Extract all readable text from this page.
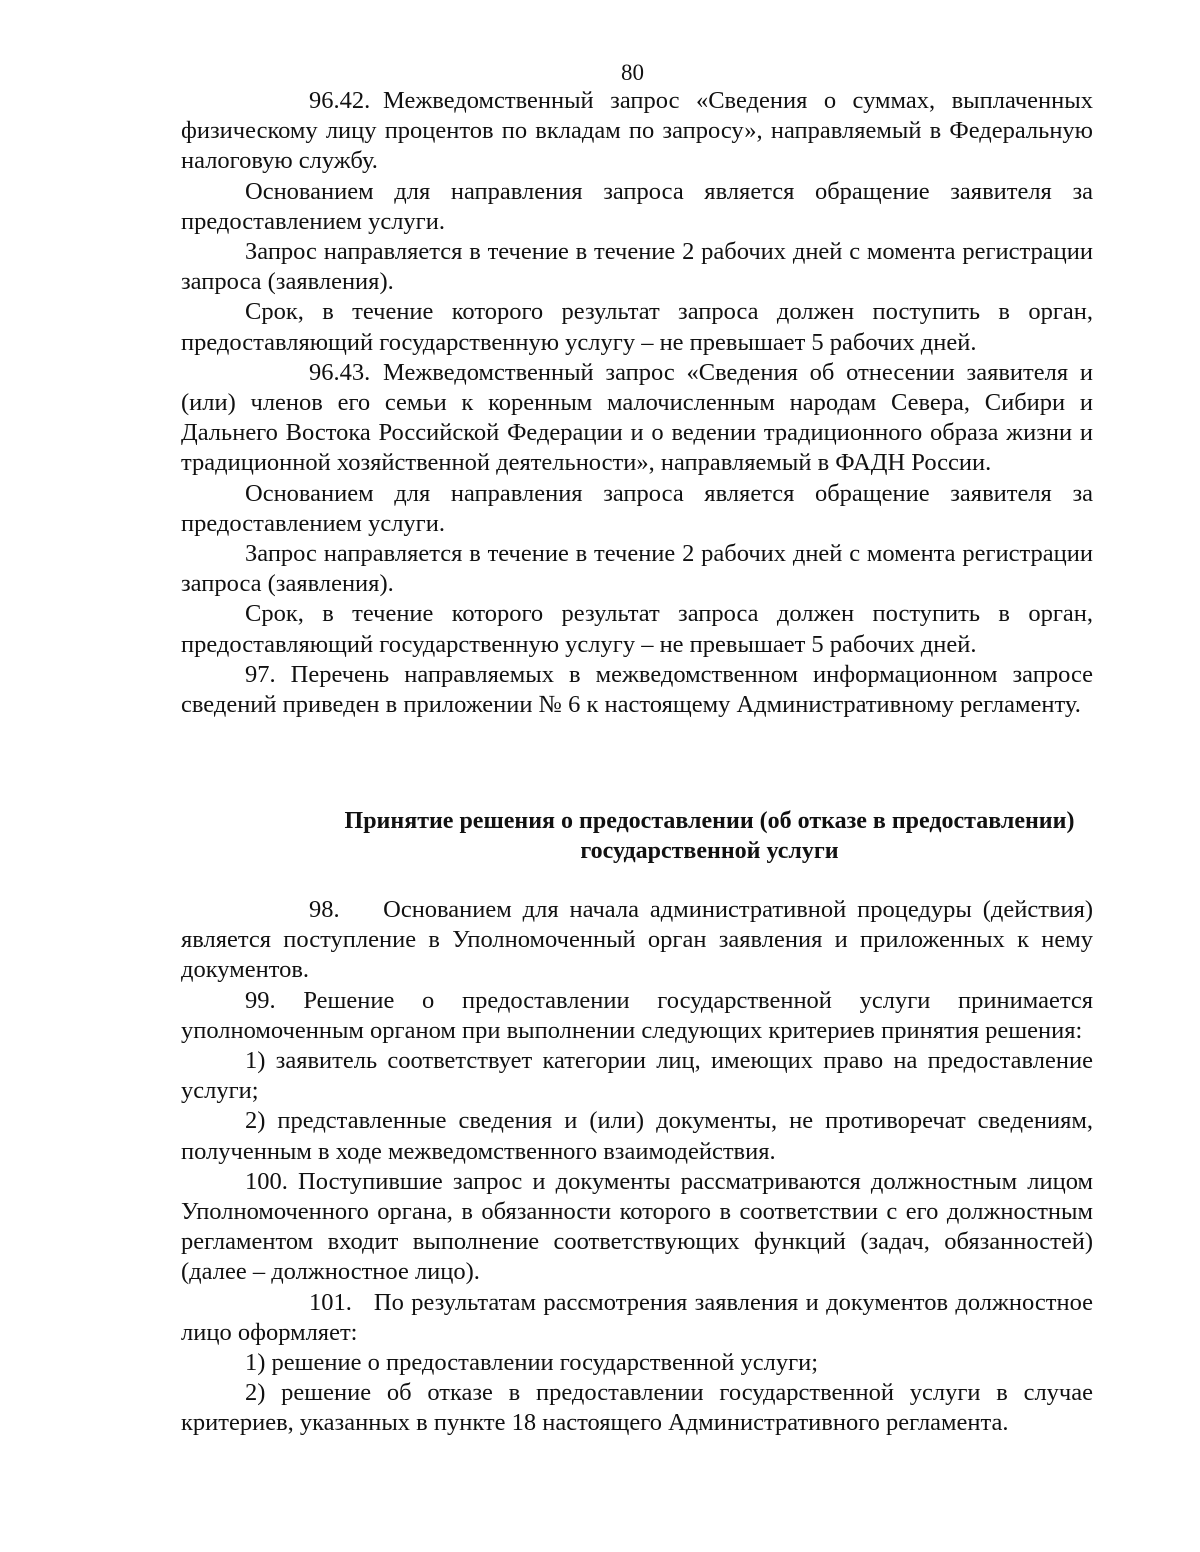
80

96.42. Межведомственный запрос «Сведения о суммах, выплаченных физическому лицу процентов по вкладам по запросу», направляемый в Федеральную налоговую службу.

Основанием для направления запроса является обращение заявителя за предоставлением услуги.

Запрос направляется в течение в течение 2 рабочих дней с момента регистрации запроса (заявления).

Срок, в течение которого результат запроса должен поступить в орган, предоставляющий государственную услугу – не превышает 5 рабочих дней.

96.43. Межведомственный запрос «Сведения об отнесении заявителя и (или) членов его семьи к коренным малочисленным народам Севера, Сибири и Дальнего Востока Российской Федерации и о ведении традиционного образа жизни и традиционной хозяйственной деятельности», направляемый в ФАДН России.

Основанием для направления запроса является обращение заявителя за предоставлением услуги.

Запрос направляется в течение в течение 2 рабочих дней с момента регистрации запроса (заявления).

Срок, в течение которого результат запроса должен поступить в орган, предоставляющий государственную услугу – не превышает 5 рабочих дней.

97. Перечень направляемых в межведомственном информационном запросе сведений приведен в приложении № 6 к настоящему Административному регламенту.

Принятие решения о предоставлении (об отказе в предоставлении)
государственной услуги

98. Основанием для начала административной процедуры (действия) является поступление в Уполномоченный орган заявления и приложенных к нему документов.

99. Решение о предоставлении государственной услуги принимается уполномоченным органом при выполнении следующих критериев принятия решения:

1) заявитель соответствует категории лиц, имеющих право на предоставление услуги;

2) представленные сведения и (или) документы, не противоречат сведениям, полученным в ходе межведомственного взаимодействия.

100. Поступившие запрос и документы рассматриваются должностным лицом Уполномоченного органа, в обязанности которого в соответствии с его должностным регламентом входит выполнение соответствующих функций (задач, обязанностей) (далее – должностное лицо).

101. По результатам рассмотрения заявления и документов должностное лицо оформляет:

1) решение о предоставлении государственной услуги;

2) решение об отказе в предоставлении государственной услуги в случае критериев, указанных в пункте 18 настоящего Административного регламента.
